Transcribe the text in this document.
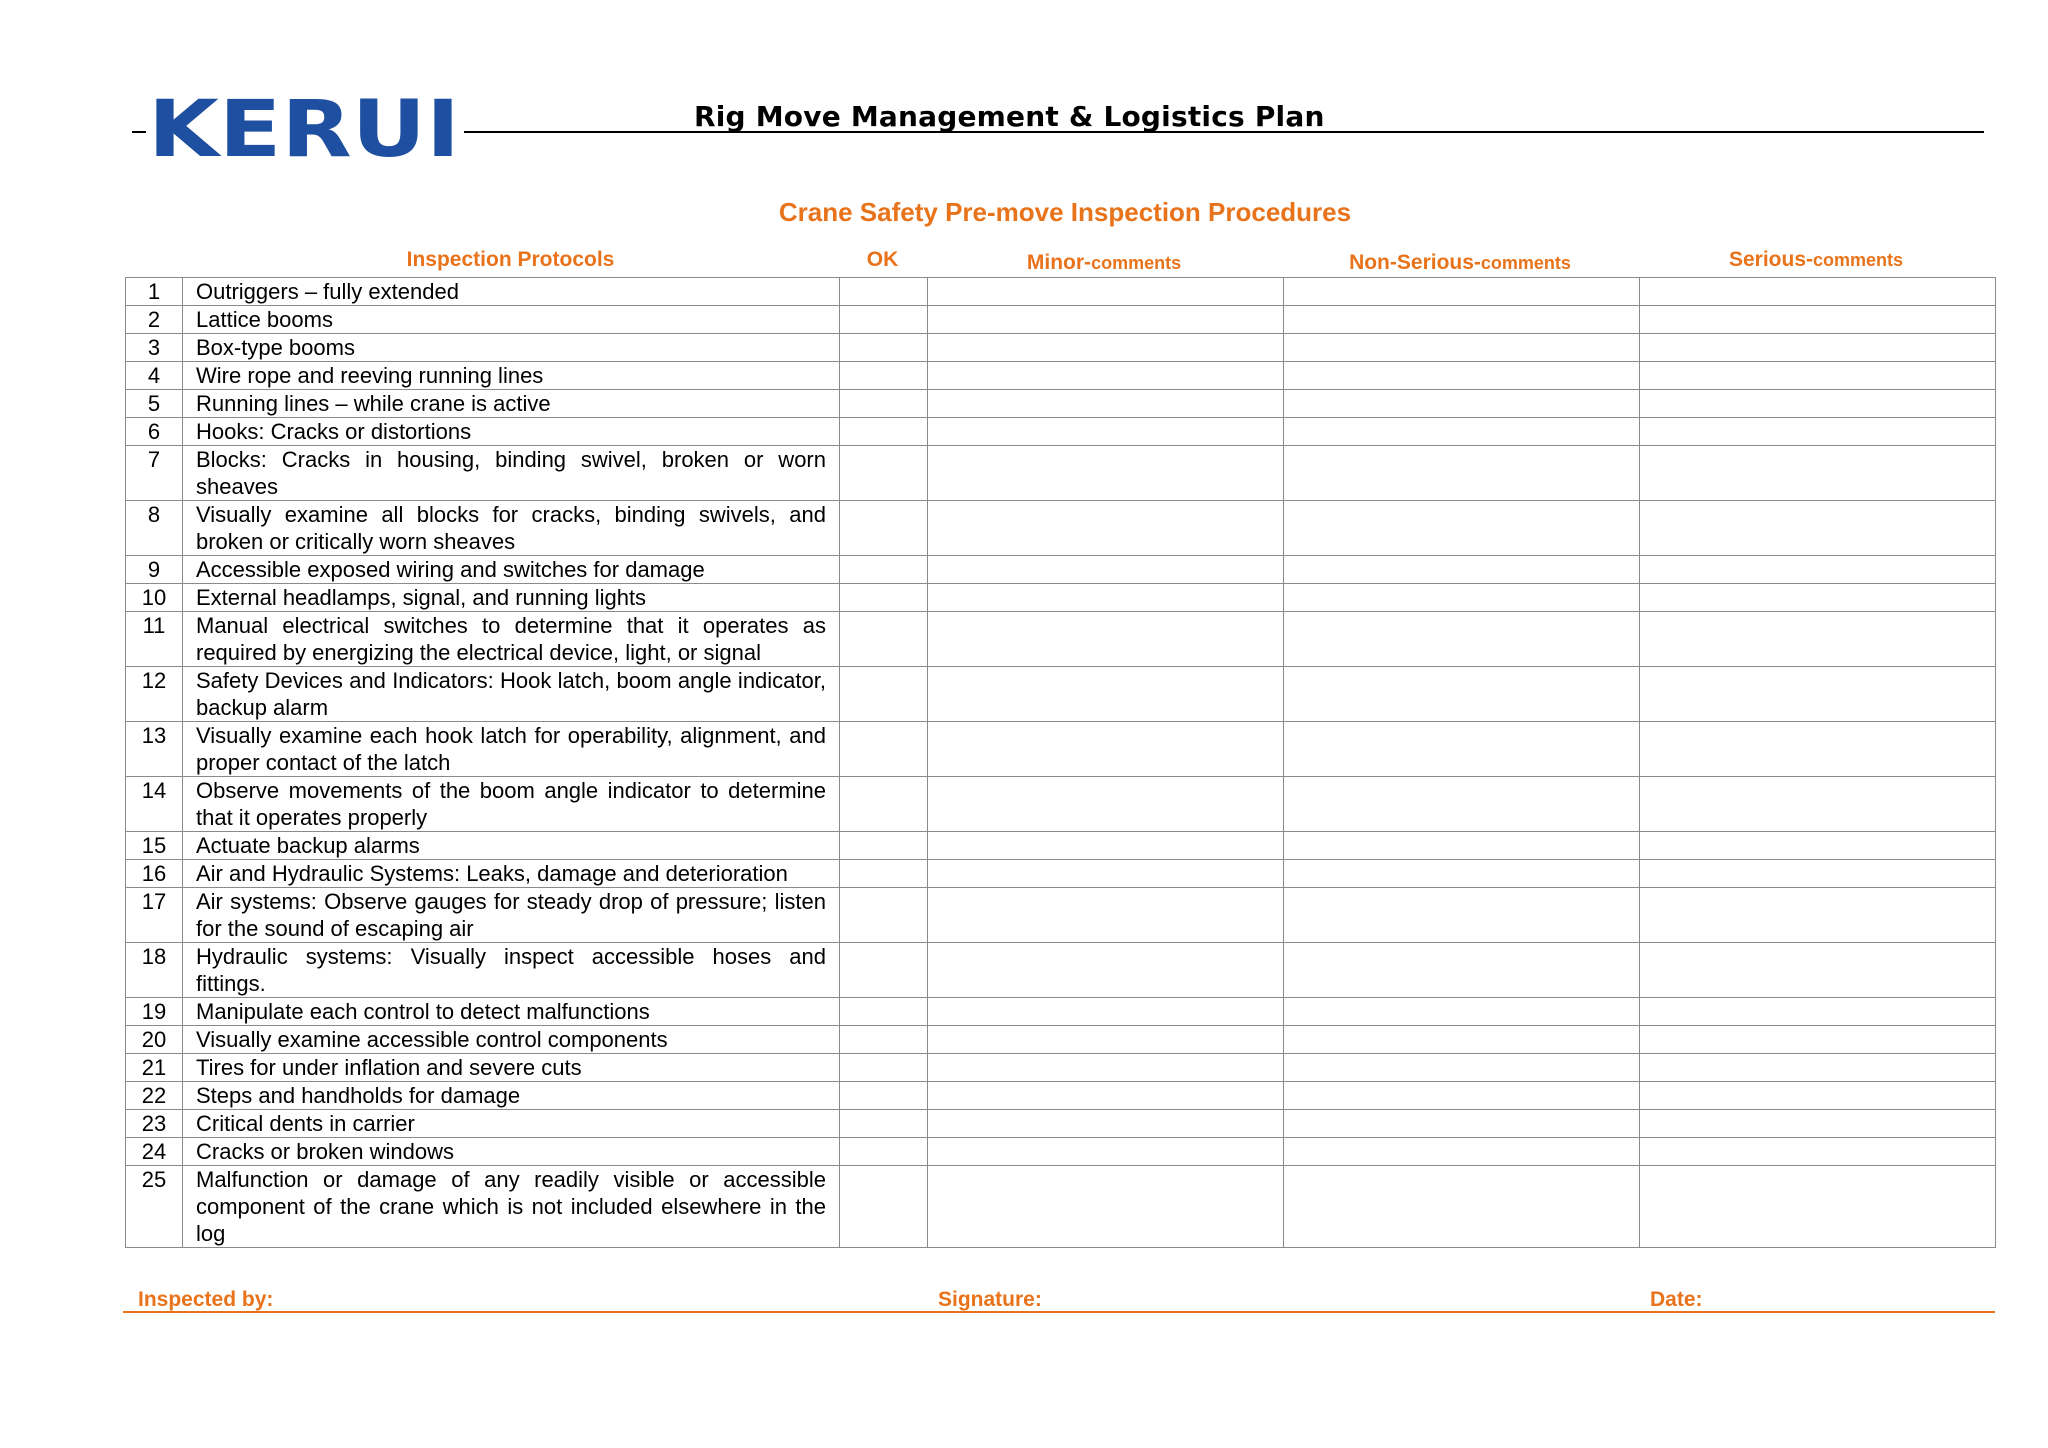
KERUI	Rig Move Management & Logistics Plan
Crane Safety Pre-move Inspection Procedures
Inspection Protocols	OK	Minor-comments	Non-Serious-comments	Serious-comments
1	Outriggers – fully extended				
2	Lattice booms				
3	Box-type booms				
4	Wire rope and reeving running lines				
5	Running lines – while crane is active				
6	Hooks: Cracks or distortions				
7	Blocks: Cracks in housing, binding swivel, broken or worn sheaves				
8	Visually examine all blocks for cracks, binding swivels, and broken or critically worn sheaves				
9	Accessible exposed wiring and switches for damage				
10	External headlamps, signal, and running lights				
11	Manual electrical switches to determine that it operates as required by energizing the electrical device, light, or signal				
12	Safety Devices and Indicators: Hook latch, boom angle indicator, backup alarm				
13	Visually examine each hook latch for operability, alignment, and proper contact of the latch				
14	Observe movements of the boom angle indicator to determine that it operates properly				
15	Actuate backup alarms				
16	Air and Hydraulic Systems: Leaks, damage and deterioration				
17	Air systems: Observe gauges for steady drop of pressure; listen for the sound of escaping air				
18	Hydraulic systems: Visually inspect accessible hoses and fittings.				
19	Manipulate each control to detect malfunctions				
20	Visually examine accessible control components				
21	Tires for under inflation and severe cuts				
22	Steps and handholds for damage				
23	Critical dents in carrier				
24	Cracks or broken windows				
25	Malfunction or damage of any readily visible or accessible component of the crane which is not included elsewhere in the log				
Inspected by:	Signature:	Date:
